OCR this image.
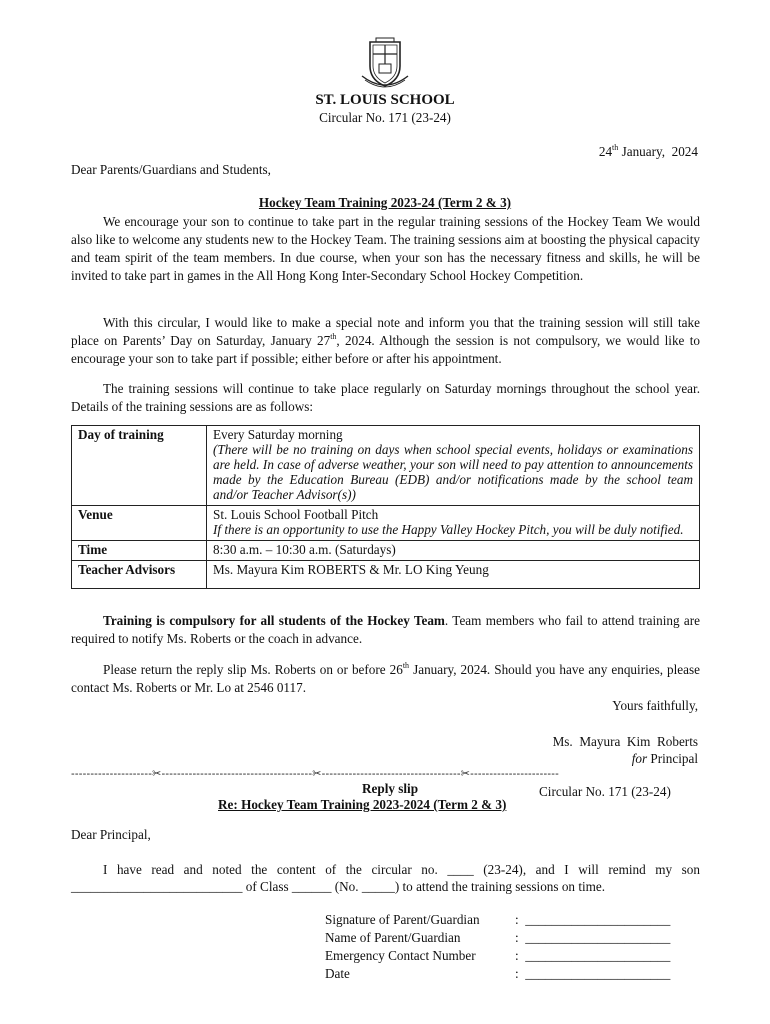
ST. LOUIS SCHOOL
Circular No. 171 (23-24)
24th January,  2024
Dear Parents/Guardians and Students,
Hockey Team Training 2023-24 (Term 2 & 3)
We encourage your son to continue to take part in the regular training sessions of the Hockey Team We would also like to welcome any students new to the Hockey Team. The training sessions aim at boosting the physical capacity and team spirit of the team members. In due course, when your son has the necessary fitness and skills, he will be invited to take part in games in the All Hong Kong Inter-Secondary School Hockey Competition.
With this circular, I would like to make a special note and inform you that the training session will still take place on Parents’ Day on Saturday, January 27th, 2024. Although the session is not compulsory, we would like to encourage your son to take part if possible; either before or after his appointment.
The training sessions will continue to take place regularly on Saturday mornings throughout the school year. Details of the training sessions are as follows:
Day of training	Every Saturday morning
(There will be no training on days when school special events, holidays or examinations are held. In case of adverse weather, your son will need to pay attention to announcements made by the Education Bureau (EDB) and/or notifications made by the school team and/or Teacher Advisor(s))

Venue	St. Louis School Football Pitch
If there is an opportunity to use the Happy Valley Hockey Pitch, you will be duly notified.

Time	8:30 a.m. – 10:30 a.m. (Saturdays)
Teacher Advisors	Ms. Mayura Kim ROBERTS & Mr. LO King Yeung
Training is compulsory for all students of the Hockey Team. Team members who fail to attend training are required to notify Ms. Roberts or the coach in advance.
Please return the reply slip Ms. Roberts on or before 26th January, 2024. Should you have any enquiries, please contact Ms. Roberts or Mr. Lo at 2546 0117.
Yours faithfully,
Ms.  Mayura  Kim  Roberts
for Principal
---------------------✂---------------------------------------✂------------------------------------✂-----------------------
Reply slip	Circular No. 171 (23-24)
Re: Hockey Team Training 2023-2024 (Term 2 & 3)
Dear Principal,
I have read and noted the content of the circular no. ____ (23-24), and I will remind my son
__________________________ of Class ______ (No. _____) to attend the training sessions on time.
Signature of Parent/Guardian	:  ______________________
Name of Parent/Guardian	:  ______________________
Emergency Contact Number	:  ______________________
Date	:  ______________________
